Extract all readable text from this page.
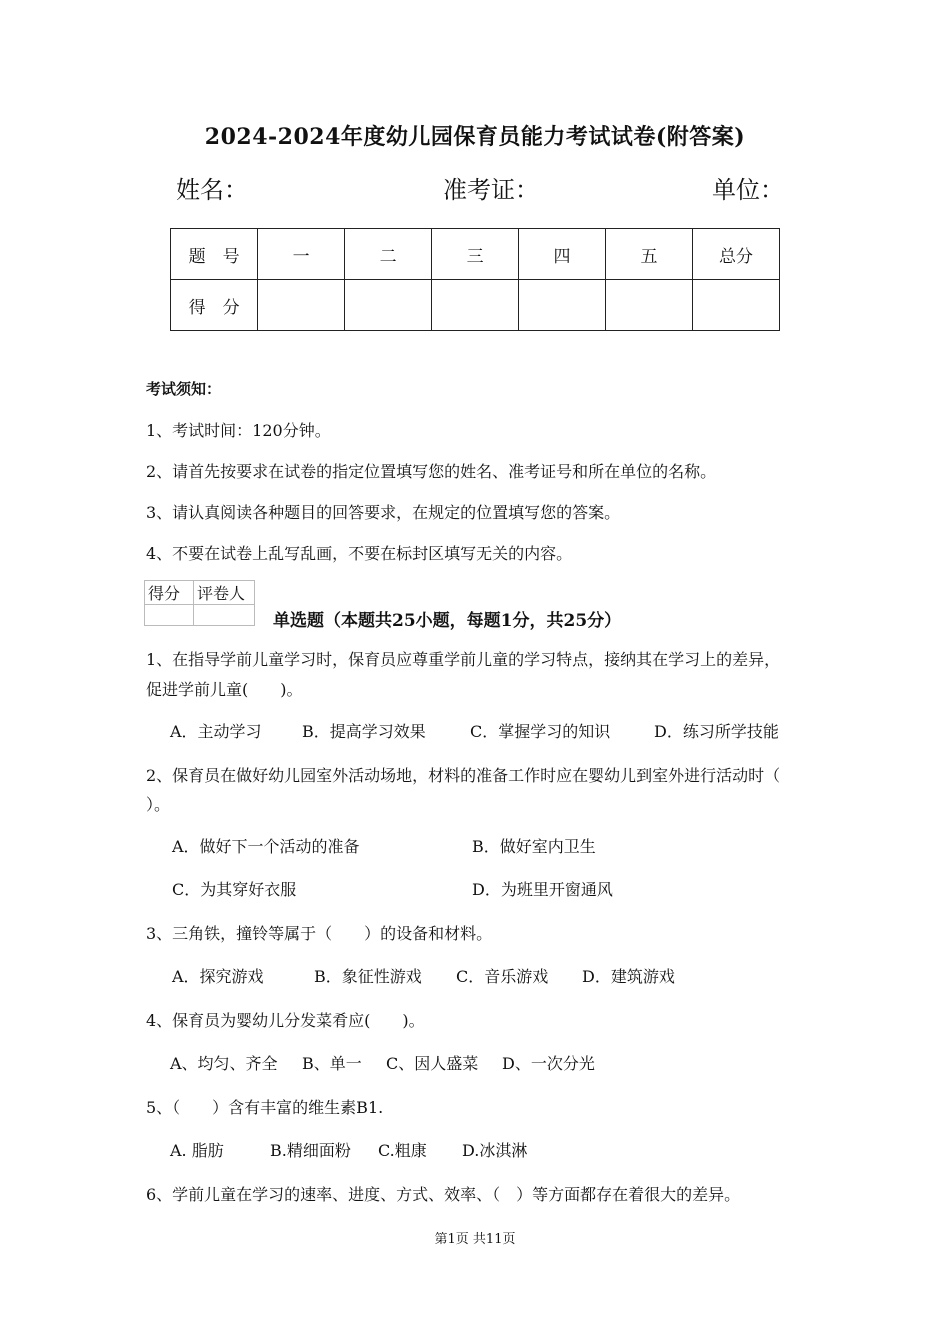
2024-2024年度幼儿园保育员能力考试试卷(附答案)
姓名：	准考证：	单位：
题　号	一	二	三	四	五	总分
得　分						
考试须知：
1、考试时间：120分钟。
2、请首先按要求在试卷的指定位置填写您的姓名、准考证号和所在单位的名称。
3、请认真阅读各种题目的回答要求，在规定的位置填写您的答案。
4、不要在试卷上乱写乱画，不要在标封区填写无关的内容。
得分	评卷人

单选题（本题共25小题，每题1分，共25分）
1、在指导学前儿童学习时，保育员应尊重学前儿童的学习特点，接纳其在学习上的差异，
促进学前儿童(　　)。
A．主动学习	B．提高学习效果	C．掌握学习的知识	D．练习所学技能
2、保育员在做好幼儿园室外活动场地，材料的准备工作时应在婴幼儿到室外进行活动时（
）。
A．做好下一个活动的准备	B．做好室内卫生
C．为其穿好衣服	D．为班里开窗通风
3、三角铁，撞铃等属于（　　）的设备和材料。
A．探究游戏	B．象征性游戏 C．音乐游戏 D．建筑游戏
4、保育员为婴幼儿分发菜肴应(　　)。
A、均匀、齐全 B、单一 C、因人盛菜 D、一次分光
5、（　　）含有丰富的维生素B1.
A. 脂肪	B.精细面粉 C.粗康 D.冰淇淋
6、学前儿童在学习的速率、进度、方式、效率、（　）等方面都存在着很大的差异。
第1页 共11页
